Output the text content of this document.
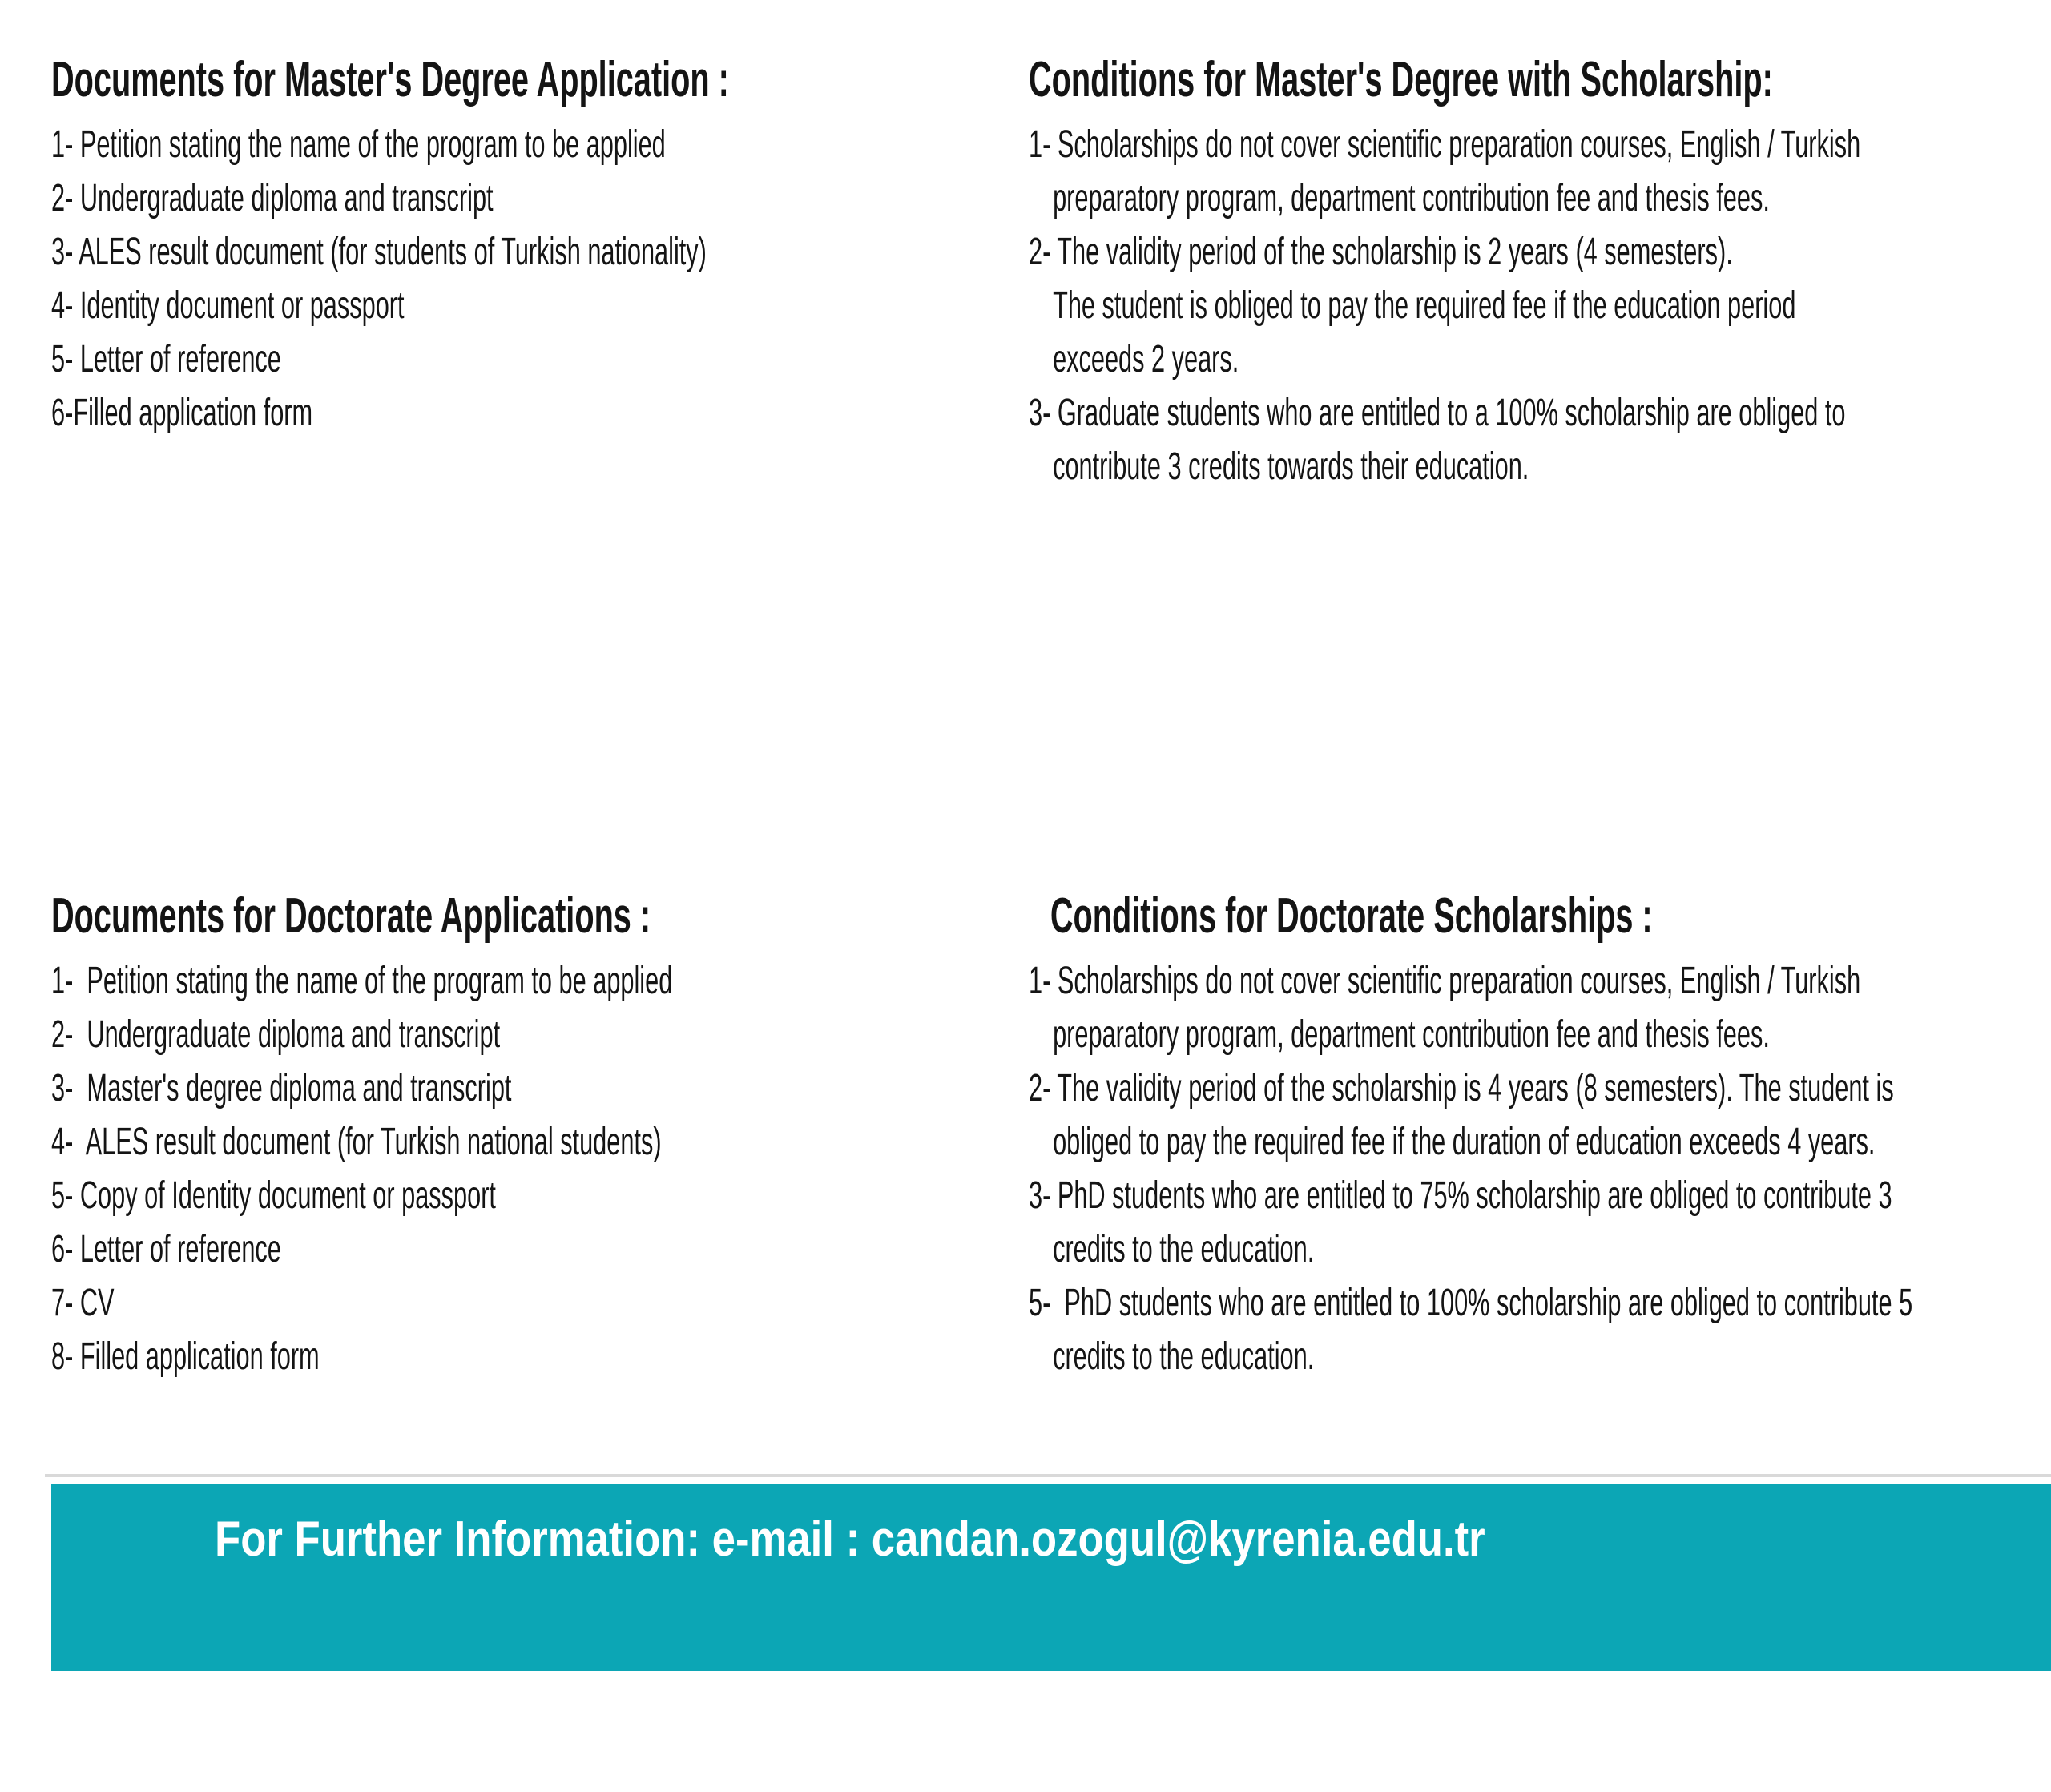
Documents for Master's Degree Application :
1- Petition stating the name of the program to be applied
2- Undergraduate diploma and transcript
3- ALES result document (for students of Turkish nationality)
4- Identity document or passport
5- Letter of reference
6-Filled application form
Conditions for Master's Degree with Scholarship:
1- Scholarships do not cover scientific preparation courses, English / Turkish
preparatory program, department contribution fee and thesis fees.
2- The validity period of the scholarship is 2 years (4 semesters).
The student is obliged to pay the required fee if the education period
exceeds 2 years.
3- Graduate students who are entitled to a 100% scholarship are obliged to
contribute 3 credits towards their education.
Documents for Doctorate Applications :
1-  Petition stating the name of the program to be applied
2-  Undergraduate diploma and transcript
3-  Master's degree diploma and transcript
4-  ALES result document (for Turkish national students)
5- Copy of Identity document or passport
6- Letter of reference
7- CV
8- Filled application form
Conditions for Doctorate Scholarships :
1- Scholarships do not cover scientific preparation courses, English / Turkish
preparatory program, department contribution fee and thesis fees.
2- The validity period of the scholarship is 4 years (8 semesters). The student is
obliged to pay the required fee if the duration of education exceeds 4 years.
3- PhD students who are entitled to 75% scholarship are obliged to contribute 3
credits to the education.
5-  PhD students who are entitled to 100% scholarship are obliged to contribute 5
credits to the education.
For Further Information: e-mail : candan.ozogul@kyrenia.edu.tr

Tel :+90 5 33 862 27 86 +90 533 459 88 17
